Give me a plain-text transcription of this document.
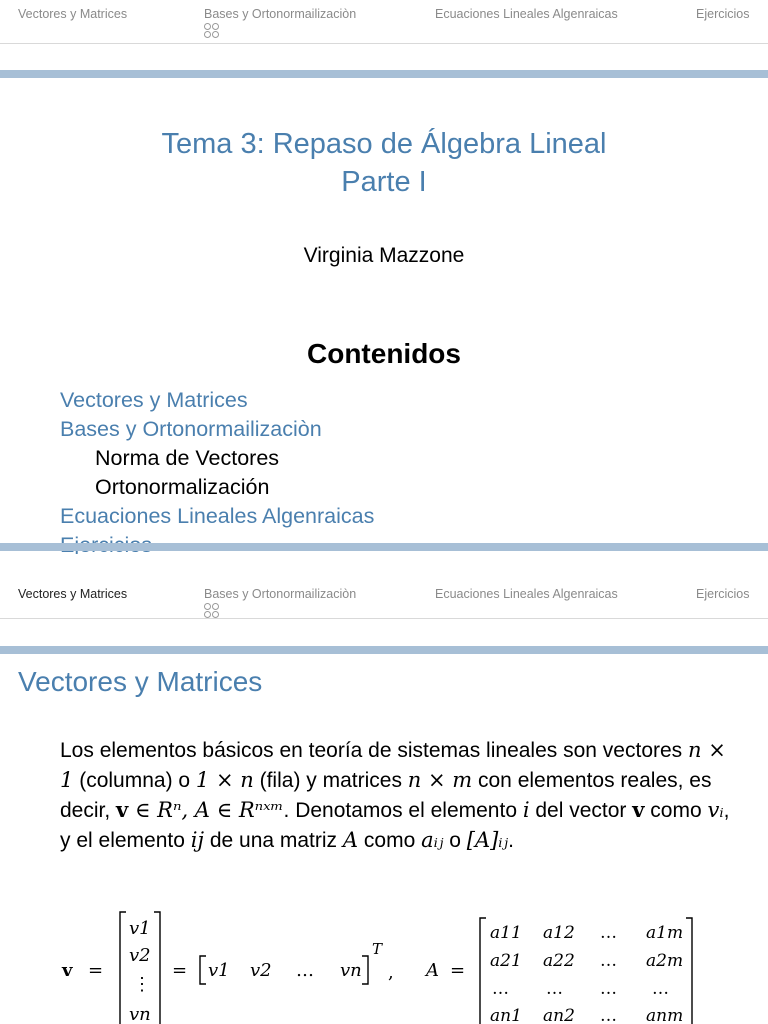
Vectores y Matrices	Bases y Ortonormailizaciòn	Ecuaciones Lineales Algenraicas	Ejercicios

Tema 3: Repaso de Álgebra Lineal
Parte I
Virginia Mazzone
Contenidos
Vectores y Matrices
Bases y Ortonormailizaciòn
Norma de Vectores
Ortonormalización
Ecuaciones Lineales Algenraicas
Vectores y Matrices	Bases y Ortonormailizaciòn	Ecuaciones Lineales Algenraicas	Ejercicios

Vectores y Matrices
Los elementos básicos en teoría de sistemas lineales son vectores n × 1 (columna) o 1 × n (fila) y matrices n × m con elementos reales, es decir, v ∈ Rⁿ, A ∈ Rⁿˣᵐ. Denotamos el elemento i del vector v como vᵢ, y el elemento ij de una matriz A como aᵢⱼ o [A]ᵢⱼ.
v =
v1
v2
⋮
vn
= v1 v2 … vn
T
, A =
a11 a12 … a1m
a21 a22 … a2m
… … … …
an1 an2 … anm
